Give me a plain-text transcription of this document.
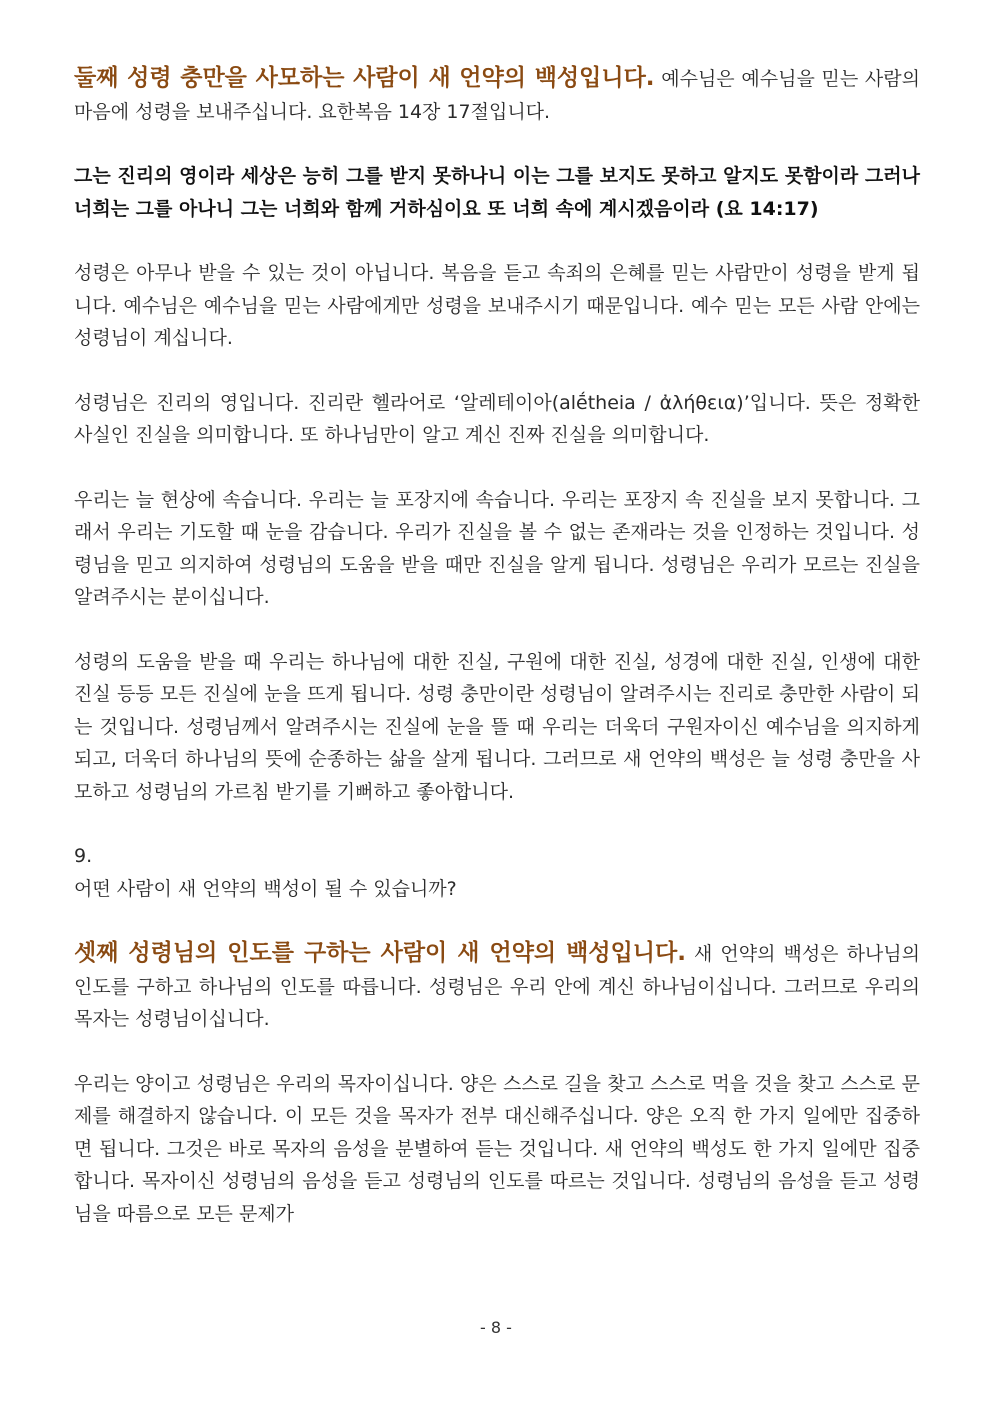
둘째 성령 충만을 사모하는 사람이 새 언약의 백성입니다. 예수님은 예수님을 믿는 사람의 마음에 성령을 보내주십니다. 요한복음 14장 17절입니다.

그는 진리의 영이라 세상은 능히 그를 받지 못하나니 이는 그를 보지도 못하고 알지도 못함이라 그러나 너희는 그를 아나니 그는 너희와 함께 거하심이요 또 너희 속에 계시겠음이라 (요 14:17)

성령은 아무나 받을 수 있는 것이 아닙니다. 복음을 듣고 속죄의 은혜를 믿는 사람만이 성령을 받게 됩니다. 예수님은 예수님을 믿는 사람에게만 성령을 보내주시기 때문입니다. 예수 믿는 모든 사람 안에는 성령님이 계십니다.

성령님은 진리의 영입니다. 진리란 헬라어로 ‘알레테이아(alḗtheia / ἀλήθεια)’입니다. 뜻은 정확한 사실인 진실을 의미합니다. 또 하나님만이 알고 계신 진짜 진실을 의미합니다.

우리는 늘 현상에 속습니다. 우리는 늘 포장지에 속습니다. 우리는 포장지 속 진실을 보지 못합니다. 그래서 우리는 기도할 때 눈을 감습니다. 우리가 진실을 볼 수 없는 존재라는 것을 인정하는 것입니다. 성령님을 믿고 의지하여 성령님의 도움을 받을 때만 진실을 알게 됩니다. 성령님은 우리가 모르는 진실을 알려주시는 분이십니다.

성령의 도움을 받을 때 우리는 하나님에 대한 진실, 구원에 대한 진실, 성경에 대한 진실, 인생에 대한 진실 등등 모든 진실에 눈을 뜨게 됩니다. 성령 충만이란 성령님이 알려주시는 진리로 충만한 사람이 되는 것입니다. 성령님께서 알려주시는 진실에 눈을 뜰 때 우리는 더욱더 구원자이신 예수님을 의지하게 되고, 더욱더 하나님의 뜻에 순종하는 삶을 살게 됩니다. 그러므로 새 언약의 백성은 늘 성령 충만을 사모하고 성령님의 가르침 받기를 기뻐하고 좋아합니다.

9.

어떤 사람이 새 언약의 백성이 될 수 있습니까?

셋째 성령님의 인도를 구하는 사람이 새 언약의 백성입니다. 새 언약의 백성은 하나님의 인도를 구하고 하나님의 인도를 따릅니다. 성령님은 우리 안에 계신 하나님이십니다. 그러므로 우리의 목자는 성령님이십니다.

우리는 양이고 성령님은 우리의 목자이십니다. 양은 스스로 길을 찾고 스스로 먹을 것을 찾고 스스로 문제를 해결하지 않습니다. 이 모든 것을 목자가 전부 대신해주십니다. 양은 오직 한 가지 일에만 집중하면 됩니다. 그것은 바로 목자의 음성을 분별하여 듣는 것입니다. 새 언약의 백성도 한 가지 일에만 집중합니다. 목자이신 성령님의 음성을 듣고 성령님의 인도를 따르는 것입니다. 성령님의 음성을 듣고 성령님을 따름으로 모든 문제가

- 8 -
